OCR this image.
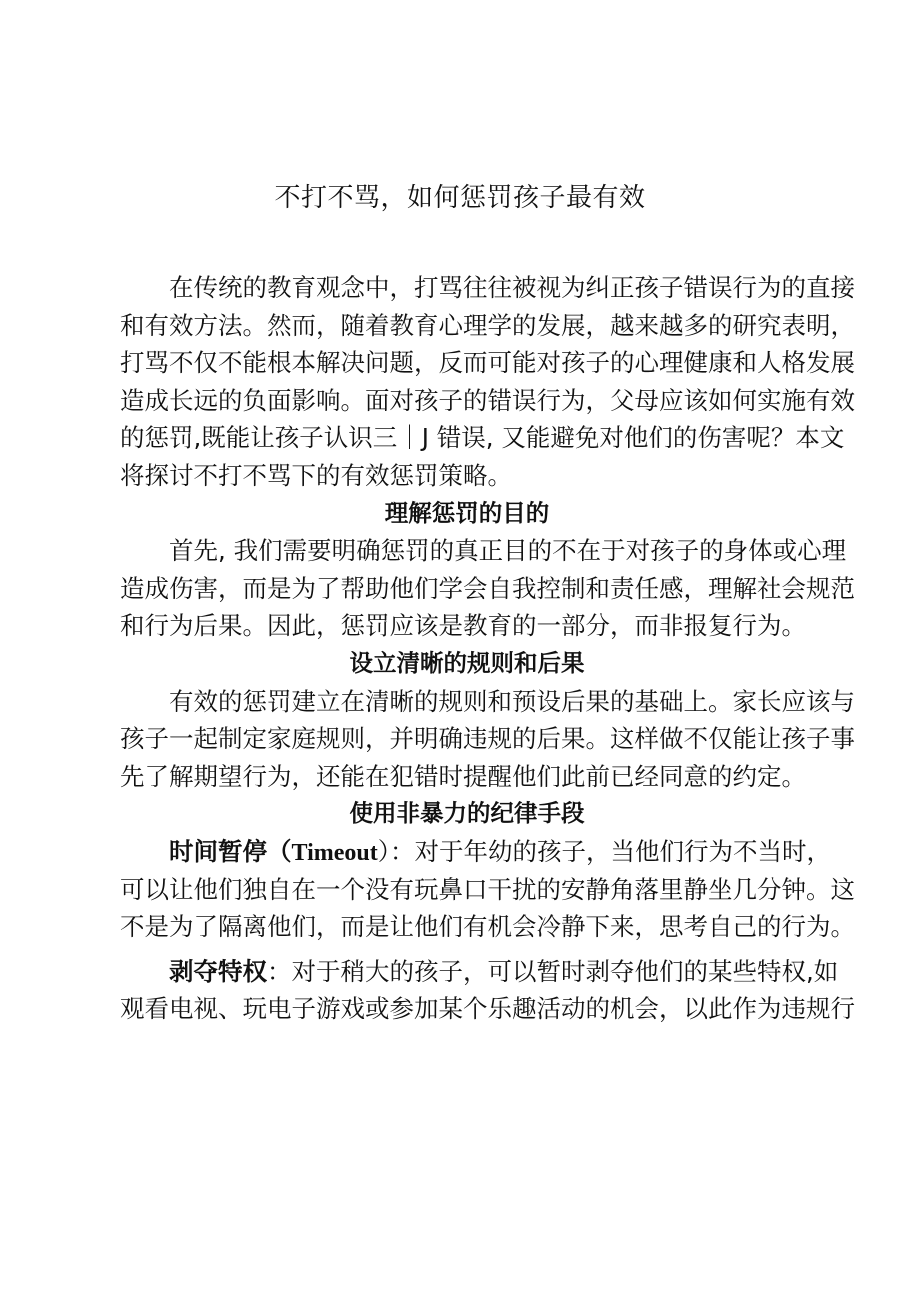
不打不骂，如何惩罚孩子最有效
在传统的教育观念中，打骂往往被视为纠正孩子错误行为的直接
和有效方法。然而，随着教育心理学的发展，越来越多的研究表明，
打骂不仅不能根本解决问题，反而可能对孩子的心理健康和人格发展
造成长远的负面影响。面对孩子的错误行为，父母应该如何实施有效
的惩罚,既能让孩子认识三｜J 错误, 又能避免对他们的伤害呢？本文
将探讨不打不骂下的有效惩罚策略。
理解惩罚的目的
首先, 我们需要明确惩罚的真正目的不在于对孩子的身体或心理
造成伤害，而是为了帮助他们学会自我控制和责任感，理解社会规范
和行为后果。因此，惩罚应该是教育的一部分，而非报复行为。
设立清晰的规则和后果
有效的惩罚建立在清晰的规则和预设后果的基础上。家长应该与
孩子一起制定家庭规则，并明确违规的后果。这样做不仅能让孩子事
先了解期望行为，还能在犯错时提醒他们此前已经同意的约定。
使用非暴力的纪律手段
时间暂停（Timeout）：对于年幼的孩子，当他们行为不当时，
可以让他们独自在一个没有玩鼻口干扰的安静角落里静坐几分钟。这
不是为了隔离他们，而是让他们有机会冷静下来，思考自己的行为。
剥夺特权：对于稍大的孩子，可以暂时剥夺他们的某些特权,如
观看电视、玩电子游戏或参加某个乐趣活动的机会，以此作为违规行
